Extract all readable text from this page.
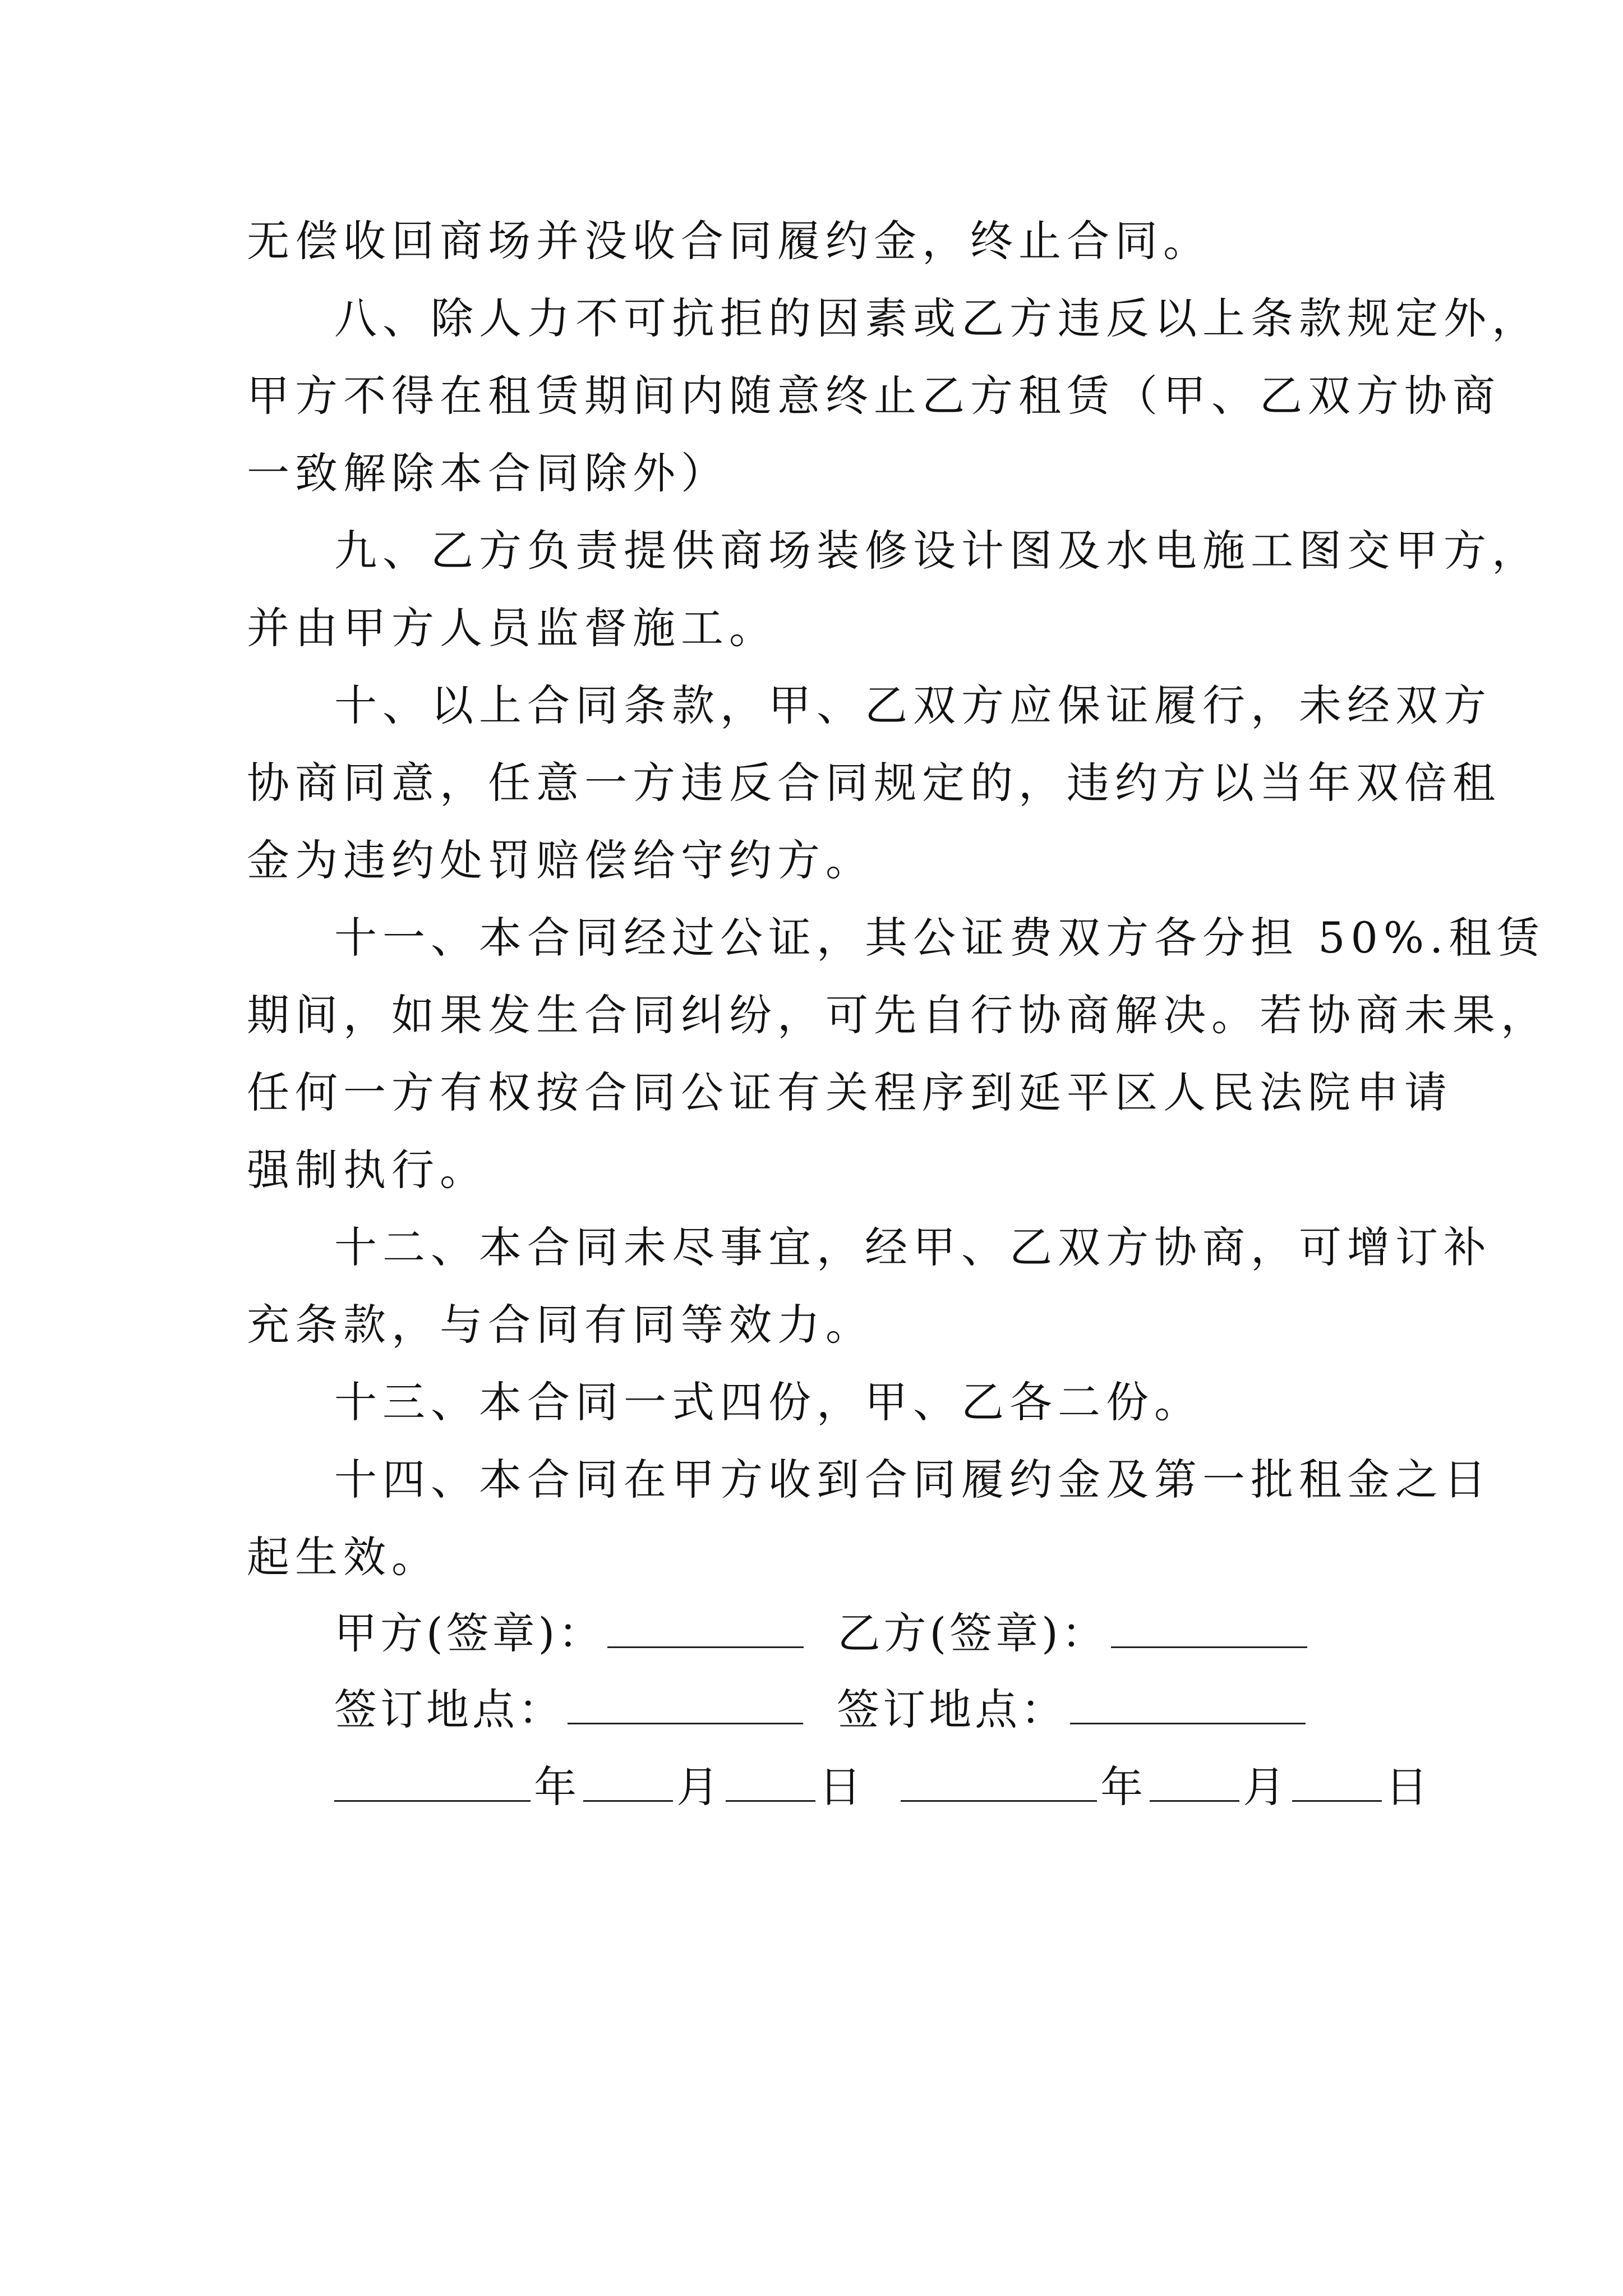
无偿收回商场并没收合同履约金，终止合同。
八、除人力不可抗拒的因素或乙方违反以上条款规定外，
甲方不得在租赁期间内随意终止乙方租赁（甲、乙双方协商
一致解除本合同除外）
九、乙方负责提供商场装修设计图及水电施工图交甲方，
并由甲方人员监督施工。
十、以上合同条款，甲、乙双方应保证履行，未经双方
协商同意，任意一方违反合同规定的，违约方以当年双倍租
金为违约处罚赔偿给守约方。
十一、本合同经过公证，其公证费双方各分担 50%.租赁
期间，如果发生合同纠纷，可先自行协商解决。若协商未果，
任何一方有权按合同公证有关程序到延平区人民法院申请
强制执行。
十二、本合同未尽事宜，经甲、乙双方协商，可增订补
充条款，与合同有同等效力。
十三、本合同一式四份，甲、乙各二份。
十四、本合同在甲方收到合同履约金及第一批租金之日
起生效。
甲方(签章)：	乙方(签章)：
签订地点：	签订地点：
年 月 日	年 月 日
